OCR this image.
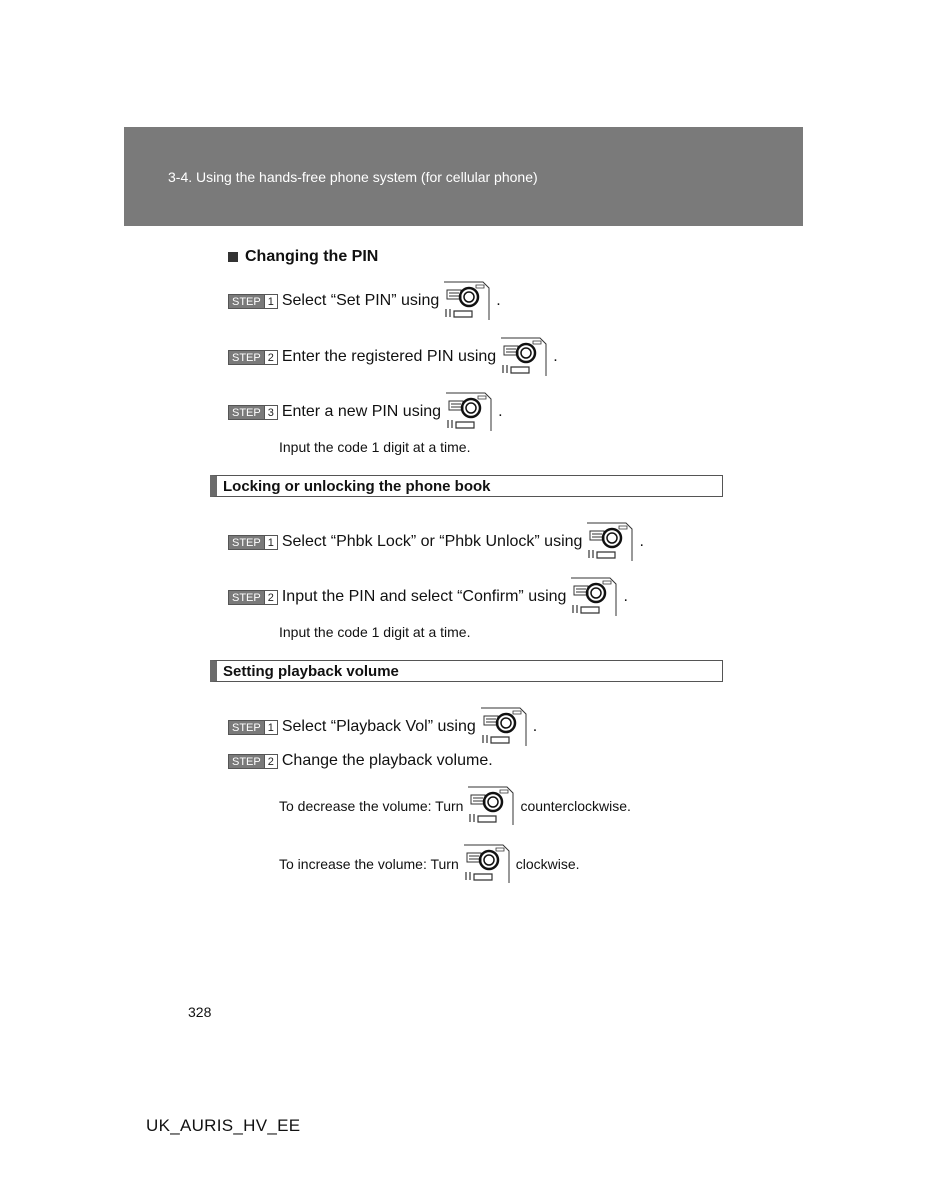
3-4. Using the hands-free phone system (for cellular phone)
Changing the PIN
STEP 1 Select “Set PIN” using	.
STEP 2 Enter the registered PIN using	.
STEP 3 Enter a new PIN using	.
Input the code 1 digit at a time.
Locking or unlocking the phone book
STEP 1 Select “Phbk Lock” or “Phbk Unlock” using	.
STEP 2 Input the PIN and select “Confirm” using	.
Input the code 1 digit at a time.
Setting playback volume
STEP 1 Select “Playback Vol” using	.
STEP 2 Change the playback volume.
To decrease the volume: Turn	counterclockwise.
To increase the volume: Turn	clockwise.
328
UK_AURIS_HV_EE
